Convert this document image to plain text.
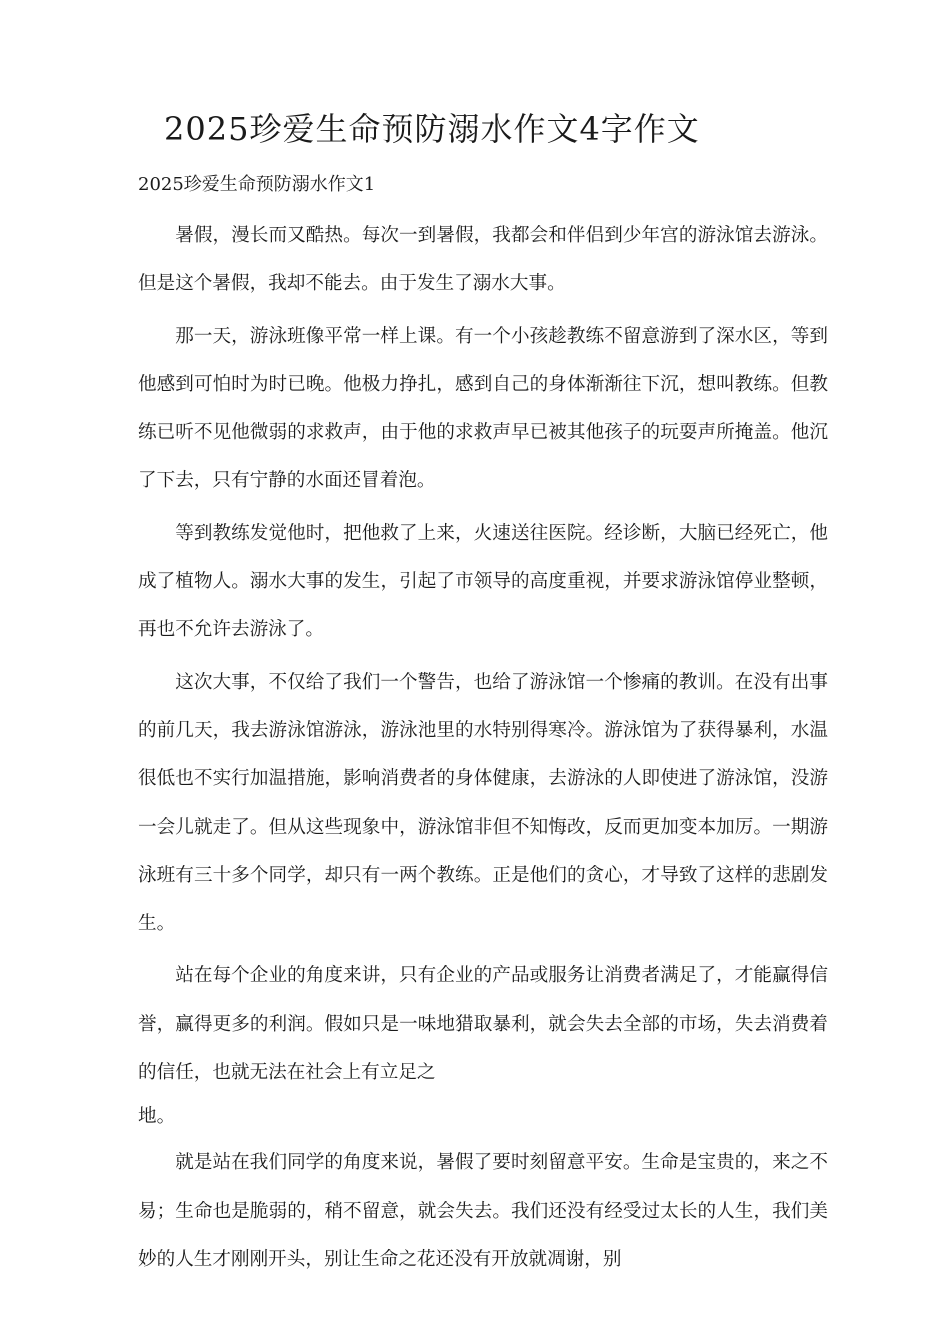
2025珍爱生命预防溺水作文4字作文
2025珍爱生命预防溺水作文1

暑假，漫长而又酷热。每次一到暑假，我都会和伴侣到少年宫的游泳馆去游泳。但是这个暑假，我却不能去。由于发生了溺水大事。

那一天，游泳班像平常一样上课。有一个小孩趁教练不留意游到了深水区，等到他感到可怕时为时已晚。他极力挣扎，感到自己的身体渐渐往下沉，想叫教练。但教练已听不见他微弱的求救声，由于他的求救声早已被其他孩子的玩耍声所掩盖。他沉了下去，只有宁静的水面还冒着泡。

等到教练发觉他时，把他救了上来，火速送往医院。经诊断，大脑已经死亡，他成了植物人。溺水大事的发生，引起了市领导的高度重视，并要求游泳馆停业整顿，再也不允许去游泳了。

这次大事，不仅给了我们一个警告，也给了游泳馆一个惨痛的教训。在没有出事的前几天，我去游泳馆游泳，游泳池里的水特别得寒冷。游泳馆为了获得暴利，水温很低也不实行加温措施，影响消费者的身体健康，去游泳的人即使进了游泳馆，没游一会儿就走了。但从这些现象中，游泳馆非但不知悔改，反而更加变本加厉。一期游泳班有三十多个同学，却只有一两个教练。正是他们的贪心，才导致了这样的悲剧发生。

站在每个企业的角度来讲，只有企业的产品或服务让消费者满足了，才能赢得信誉，赢得更多的利润。假如只是一味地猎取暴利，就会失去全部的市场，失去消费着的信任，也就无法在社会上有立足之

地。

就是站在我们同学的角度来说，暑假了要时刻留意平安。生命是宝贵的，来之不易；生命也是脆弱的，稍不留意，就会失去。我们还没有经受过太长的人生，我们美妙的人生才刚刚开头，别让生命之花还没有开放就凋谢，别
